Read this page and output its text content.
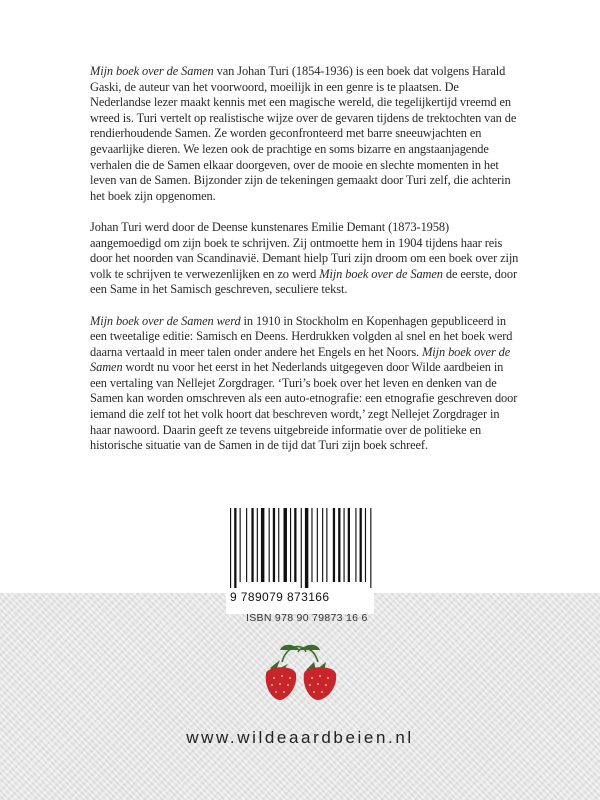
Mijn boek over de Samen van Johan Turi (1854-1936) is een boek dat volgens Harald Gaski, de auteur van het voorwoord, moeilijk in een genre is te plaatsen. De Nederlandse lezer maakt kennis met een magische wereld, die tegelijkertijd vreemd en wreed is. Turi vertelt op realistische wijze over de gevaren tijdens de trektochten van de rendierhoudende Samen. Ze worden geconfronteerd met barre sneeuwjachten en gevaarlijke dieren. We lezen ook de prachtige en soms bizarre en angstaanjagende verhalen die de Samen elkaar doorgeven, over de mooie en slechte momenten in het leven van de Samen. Bijzonder zijn de tekeningen gemaakt door Turi zelf, die achterin het boek zijn opgenomen.

Johan Turi werd door de Deense kunstenares Emilie Demant (1873-1958) aangemoedigd om zijn boek te schrijven. Zij ontmoette hem in 1904 tijdens haar reis door het noorden van Scandinavië. Demant hielp Turi zijn droom om een boek over zijn volk te schrijven te verwezenlijken en zo werd Mijn boek over de Samen de eerste, door een Same in het Samisch geschreven, seculiere tekst.

Mijn boek over de Samen werd in 1910 in Stockholm en Kopenhagen gepubliceerd in een tweetalige editie: Samisch en Deens. Herdrukken volgden al snel en het boek werd daarna vertaald in meer talen onder andere het Engels en het Noors. Mijn boek over de Samen wordt nu voor het eerst in het Nederlands uitgegeven door Wilde aardbeien in een vertaling van Nellejet Zorgdrager. ‘Turi’s boek over het leven en denken van de Samen kan worden omschreven als een auto-etnografie: een etnografie geschreven door iemand die zelf tot het volk hoort dat beschreven wordt,’ zegt Nellejet Zorgdrager in haar nawoord. Daarin geeft ze tevens uitgebreide informatie over de politieke en historische situatie van de Samen in de tijd dat Turi zijn boek schreef.

9 789079 873166
ISBN 978 90 79873 16 6
www.wildeaardbeien.nl
